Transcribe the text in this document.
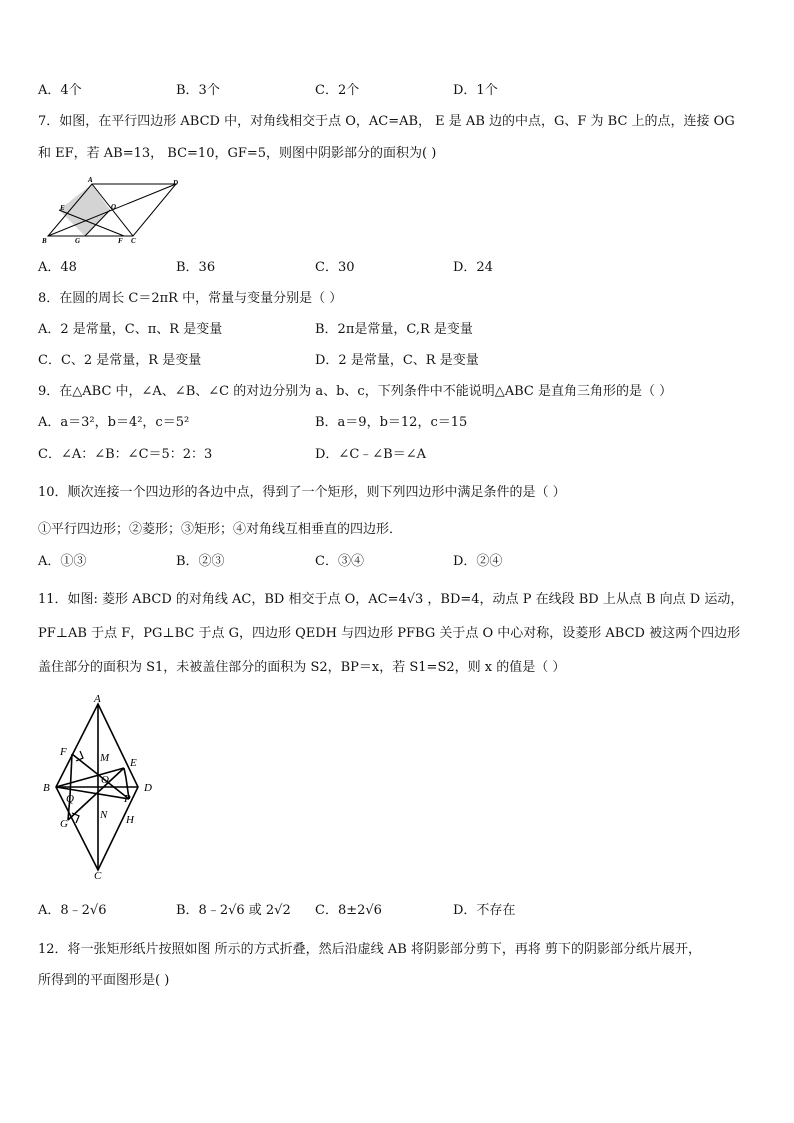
A．4个	B．3个	C．2个	D．1个
7．如图，在平行四边形 ABCD 中，对角线相交于点 O，AC=AB， E 是 AB 边的中点，G、F 为 BC 上的点，连接 OG
和 EF，若 AB=13， BC=10，GF=5，则图中阴影部分的面积为( )
A	D
E	O
B	G	F C
A．48	B．36	C．30	D．24
8．在圆的周长 C＝2πR 中，常量与变量分别是（ ）
A．2 是常量，C、π、R 是变量	B．2π是常量，C,R 是变量
C．C、2 是常量，R 是变量	D．2 是常量，C、R 是变量
9．在△ABC 中，∠A、∠B、∠C 的对边分别为 a、b、c，下列条件中不能说明△ABC 是直角三角形的是（ ）
A．a＝3²，b＝4²，c＝5²	B．a＝9，b＝12，c＝15
C．∠A：∠B：∠C＝5：2：3	D．∠C﹣∠B＝∠A
10．顺次连接一个四边形的各边中点，得到了一个矩形，则下列四边形中满足条件的是（ ）
①平行四边形；②菱形；③矩形；④对角线互相垂直的四边形．
A．①③	B．②③	C．③④	D．②④
11．如图: 菱形 ABCD 的对角线 AC，BD 相交于点 O，AC=4√3 ，BD=4，动点 P 在线段 BD 上从点 B 向点 D 运动，
PF⊥AB 于点 F，PG⊥BC 于点 G，四边形 QEDH 与四边形 PFBG 关于点 O 中心对称，设菱形 ABCD 被这两个四边形
盖住部分的面积为 S1，未被盖住部分的面积为 S2，BP＝x，若 S1=S2，则 x 的值是（ ）
A
F	M E
O
B	D
Q	P
G
N H
C
A．8﹣2√6	B．8﹣2√6 或 2√2 C．8±2√6	D．不存在
12．将一张矩形纸片按照如图 所示的方式折叠，然后沿虚线 AB 将阴影部分剪下，再将 剪下的阴影部分纸片展开，
所得到的平面图形是( )
